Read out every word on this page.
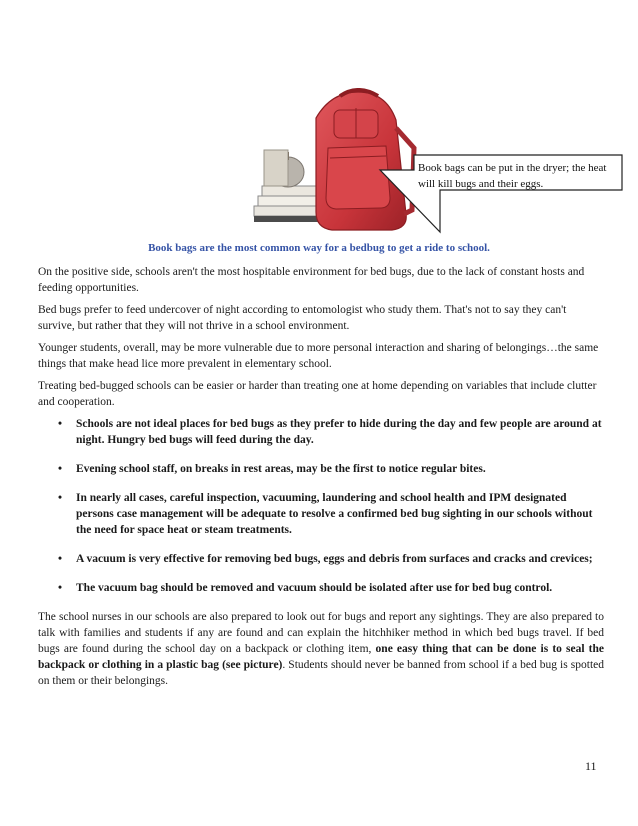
Book bags can be put in the dryer; the heat will kill bugs and their eggs.
Book bags are the most common way for a bedbug to get a ride to school.

On the positive side, schools aren't the most hospitable environment for bed bugs, due to the lack of constant hosts and feeding opportunities.

Bed bugs prefer to feed undercover of night according to entomologist who study them. That's not to say they can't survive, but rather that they will not thrive in a school environment.

Younger students, overall, may be more vulnerable due to more personal interaction and sharing of belongings…the same things that make head lice more prevalent in elementary school.

Treating bed-bugged schools can be easier or harder than treating one at home depending on variables that include clutter and cooperation.

• Schools are not ideal places for bed bugs as they prefer to hide during the day and few people are around at night. Hungry bed bugs will feed during the day.
• Evening school staff, on breaks in rest areas, may be the first to notice regular bites.
• In nearly all cases, careful inspection, vacuuming, laundering and school health and IPM designated persons case management will be adequate to resolve a confirmed bed bug sighting in our schools without the need for space heat or steam treatments.
• A vacuum is very effective for removing bed bugs, eggs and debris from surfaces and cracks and crevices;
• The vacuum bag should be removed and vacuum should be isolated after use for bed bug control.

The school nurses in our schools are also prepared to look out for bugs and report any sightings. They are also prepared to talk with families and students if any are found and can explain the hitchhiker method in which bed bugs travel. If bed bugs are found during the school day on a backpack or clothing item, one easy thing that can be done is to seal the backpack or clothing in a plastic bag (see picture). Students should never be banned from school if a bed bug is spotted on them or their belongings.

11
